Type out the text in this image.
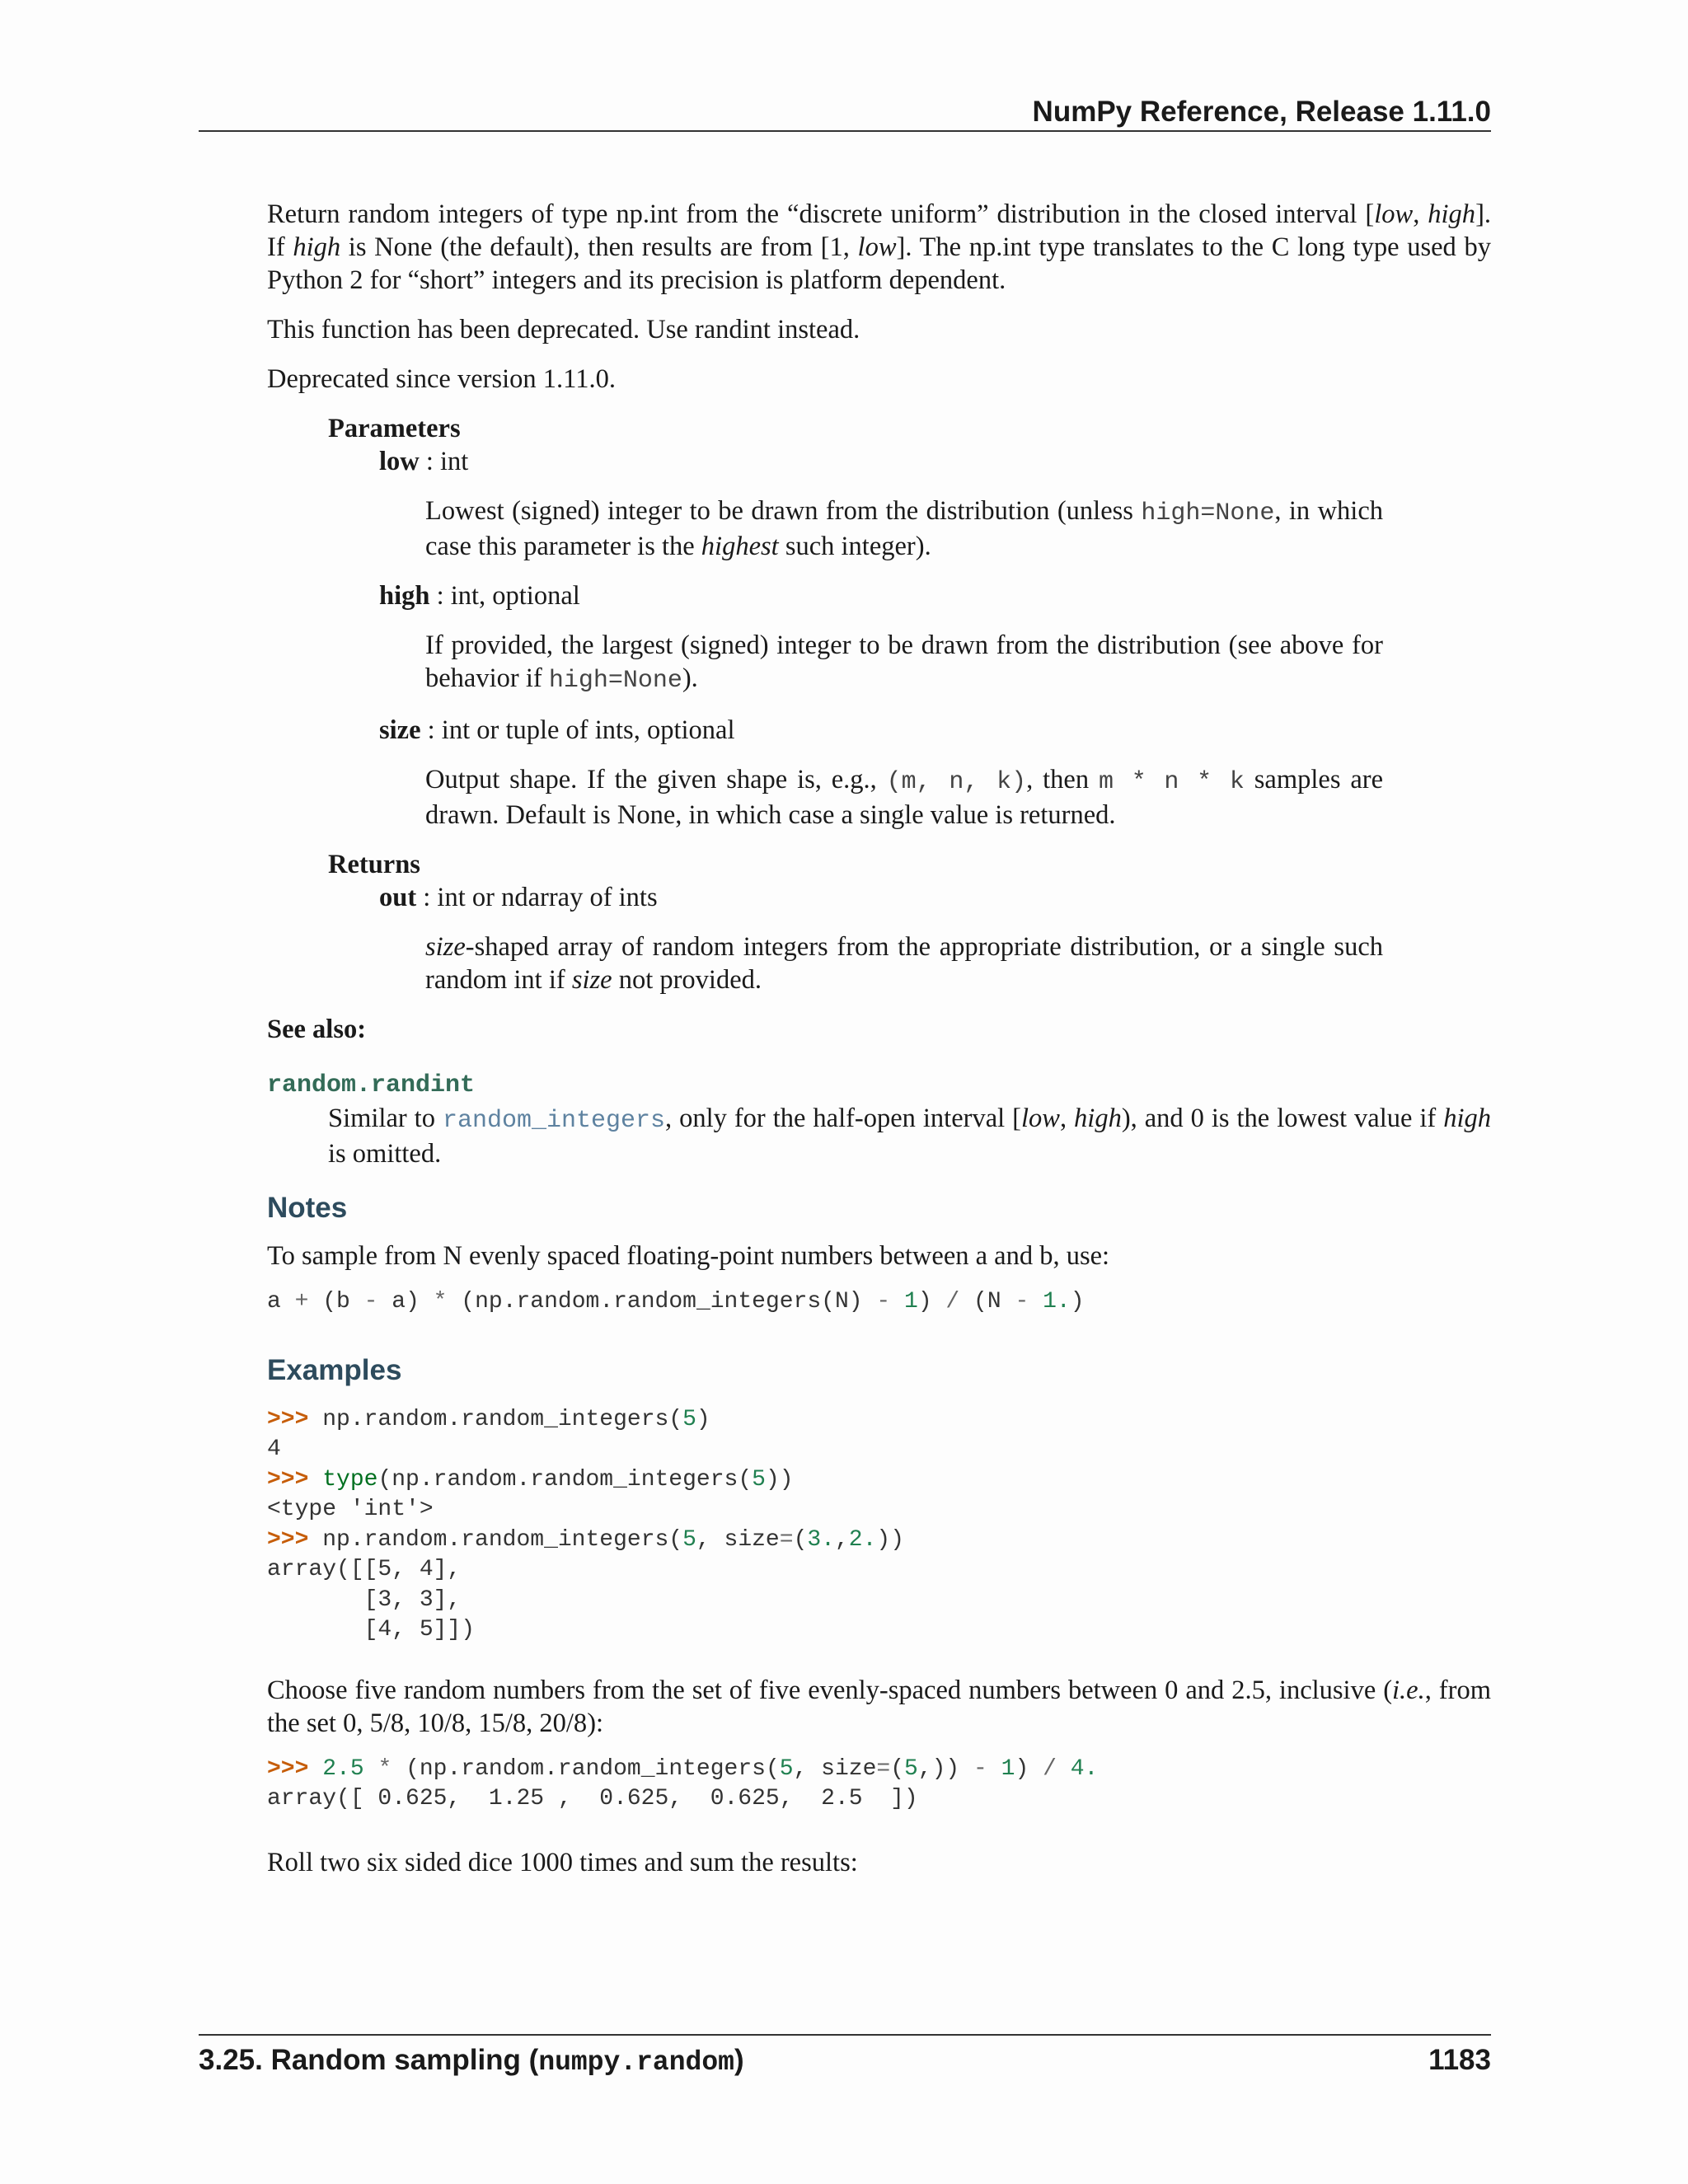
NumPy Reference, Release 1.11.0

Return random integers of type np.int from the “discrete uniform” distribution in the closed interval [low, high]. If high is None (the default), then results are from [1, low]. The np.int type translates to the C long type used by Python 2 for “short” integers and its precision is platform dependent.

This function has been deprecated. Use randint instead.

Deprecated since version 1.11.0.

Parameters

low : int

Lowest (signed) integer to be drawn from the distribution (unless high=None, in which case this parameter is the highest such integer).

high : int, optional

If provided, the largest (signed) integer to be drawn from the distribution (see above for behavior if high=None).

size : int or tuple of ints, optional

Output shape. If the given shape is, e.g., (m, n, k), then m * n * k samples are drawn. Default is None, in which case a single value is returned.

Returns

out : int or ndarray of ints

size-shaped array of random integers from the appropriate distribution, or a single such random int if size not provided.

See also:
random.randint

Similar to random_integers, only for the half-open interval [low, high), and 0 is the lowest value if high is omitted.

Notes

To sample from N evenly spaced floating-point numbers between a and b, use:

a + (b - a) * (np.random.random_integers(N) - 1) / (N - 1.)
Examples
>>> np.random.random_integers(5)
4
>>> type(np.random.random_integers(5))
<type 'int'>
>>> np.random.random_integers(5, size=(3.,2.))
array([[5, 4],
[3, 3],
[4, 5]])

Choose five random numbers from the set of five evenly-spaced numbers between 0 and 2.5, inclusive (i.e., from the set 0, 5/8, 10/8, 15/8, 20/8):

>>> 2.5 * (np.random.random_integers(5, size=(5,)) - 1) / 4.
array([ 0.625,  1.25 ,  0.625,  0.625,  2.5  ])

Roll two six sided dice 1000 times and sum the results:

3.25. Random sampling (numpy.random)	1183
